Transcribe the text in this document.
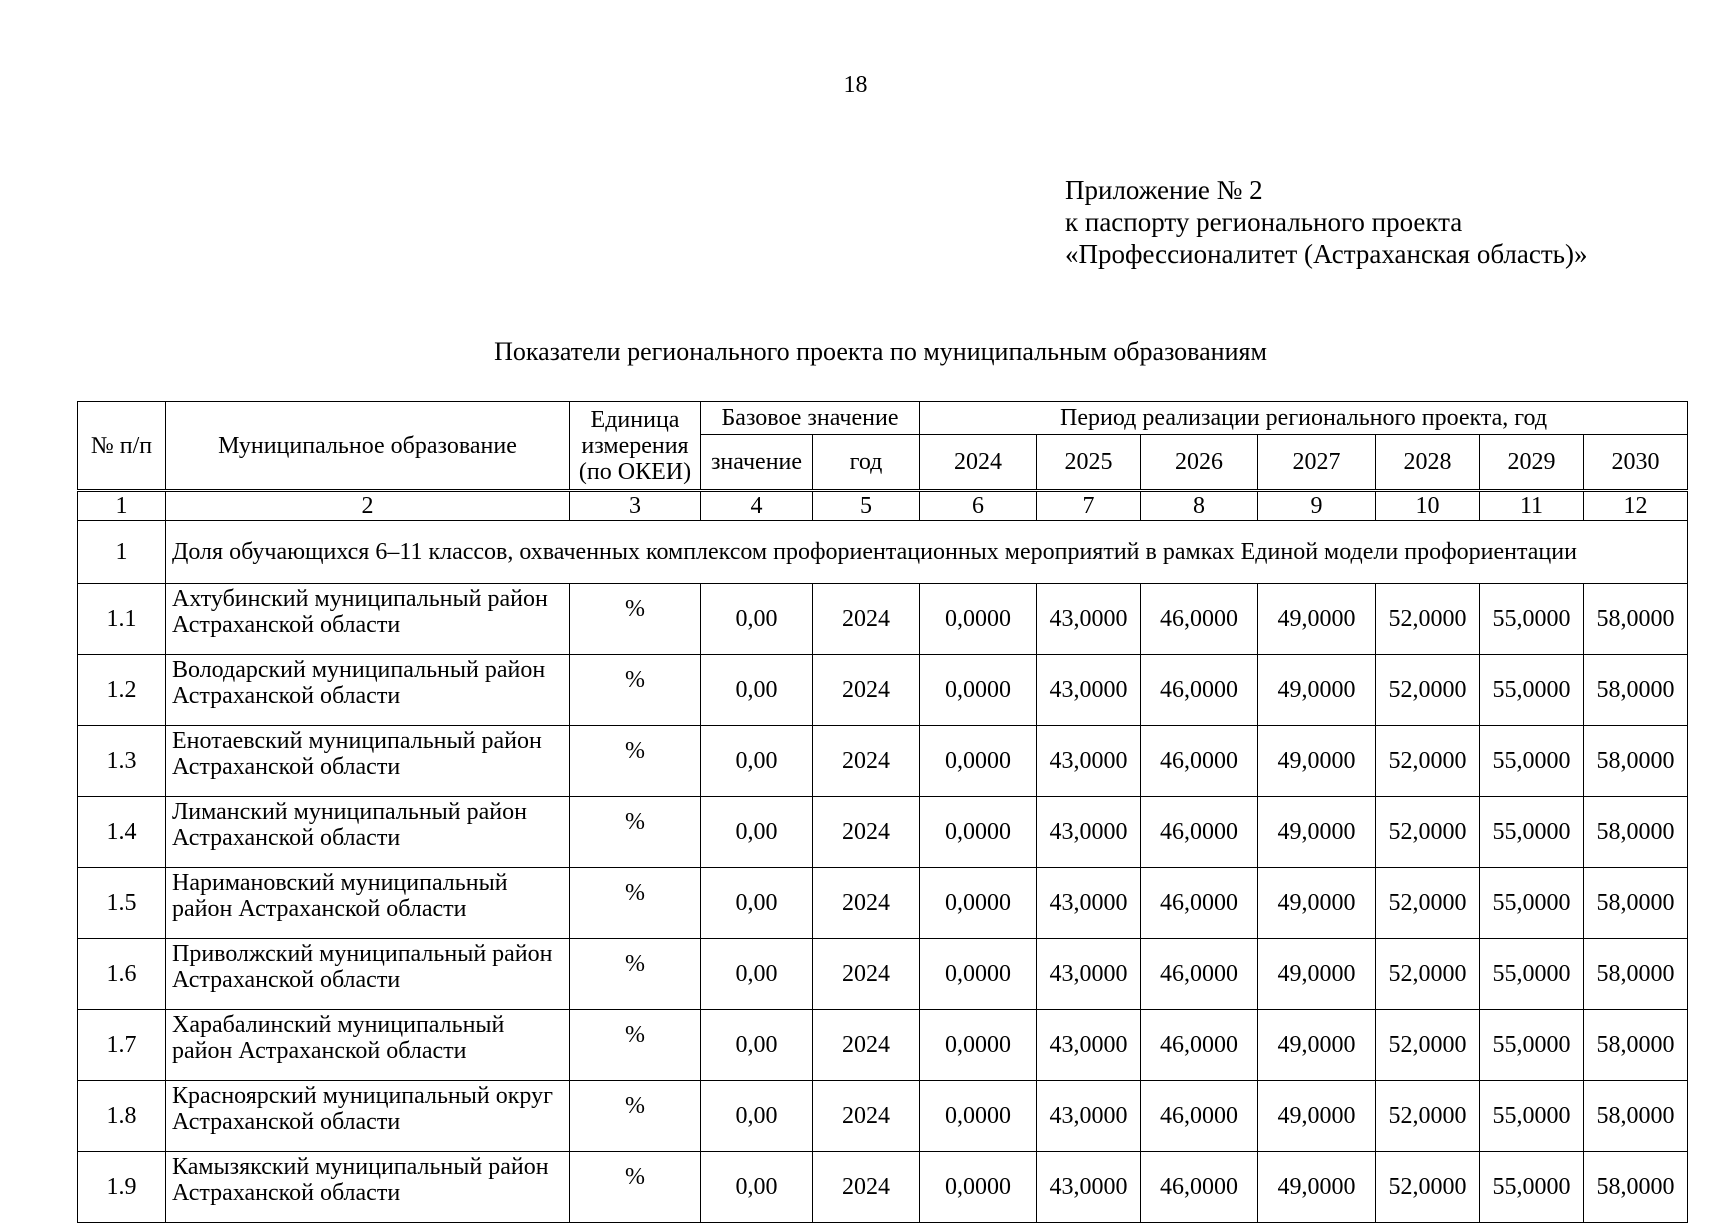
18
Приложение № 2
к паспорту регионального проекта
«Профессионалитет (Астраханская область)»
Показатели регионального проекта по муниципальным образованиям
№ п/п	Муниципальное образование	Единица измерения (по ОКЕИ)	Базовое значение		Период реализации регионального проекта, год						
			значение	год	2024	2025	2026	2027	2028	2029	2030
1	2	3	4	5	6	7	8	9	10	11	12
1	Доля обучающихся 6–11 классов, охваченных комплексом профориентационных мероприятий в рамках Единой модели профориентации										
1.1	Ахтубинский муниципальный район Астраханской области	%	0,00	2024	0,0000	43,0000	46,0000	49,0000	52,0000	55,0000	58,0000
1.2	Володарский муниципальный район Астраханской области	%	0,00	2024	0,0000	43,0000	46,0000	49,0000	52,0000	55,0000	58,0000
1.3	Енотаевский муниципальный район Астраханской области	%	0,00	2024	0,0000	43,0000	46,0000	49,0000	52,0000	55,0000	58,0000
1.4	Лиманский муниципальный район Астраханской области	%	0,00	2024	0,0000	43,0000	46,0000	49,0000	52,0000	55,0000	58,0000
1.5	Наримановский муниципальный район Астраханской области	%	0,00	2024	0,0000	43,0000	46,0000	49,0000	52,0000	55,0000	58,0000
1.6	Приволжский муниципальный район Астраханской области	%	0,00	2024	0,0000	43,0000	46,0000	49,0000	52,0000	55,0000	58,0000
1.7	Харабалинский муниципальный район Астраханской области	%	0,00	2024	0,0000	43,0000	46,0000	49,0000	52,0000	55,0000	58,0000
1.8	Красноярский муниципальный округ Астраханской области	%	0,00	2024	0,0000	43,0000	46,0000	49,0000	52,0000	55,0000	58,0000
1.9	Камызякский муниципальный район Астраханской области	%	0,00	2024	0,0000	43,0000	46,0000	49,0000	52,0000	55,0000	58,0000
